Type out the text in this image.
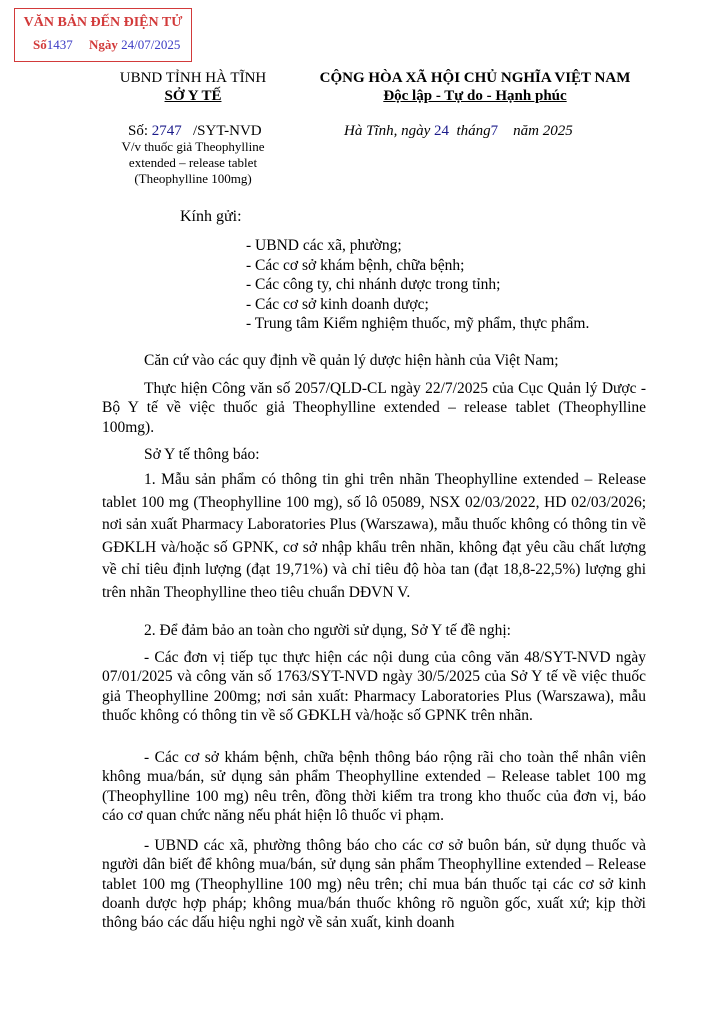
VĂN BẢN ĐẾN ĐIỆN TỬ
Số1437 Ngày 24/07/2025
UBND TỈNH HÀ TĨNH
SỞ Y TẾ
Số: 2747 /SYT-NVD
V/v thuốc giả Theophylline
extended – release tablet
(Theophylline 100mg)
CỘNG HÒA XÃ HỘI CHỦ NGHĨA VIỆT NAM
Độc lập - Tự do - Hạnh phúc
Hà Tĩnh, ngày 24 tháng7 năm 2025
Kính gửi:
- UBND các xã, phường;
- Các cơ sở khám bệnh, chữa bệnh;
- Các công ty, chi nhánh dược trong tỉnh;
- Các cơ sở kinh doanh dược;
- Trung tâm Kiểm nghiệm thuốc, mỹ phẩm, thực phẩm.

Căn cứ vào các quy định về quản lý dược hiện hành của Việt Nam;

Thực hiện Công văn số 2057/QLD-CL ngày 22/7/2025 của Cục Quản lý Dược - Bộ Y tế về việc thuốc giả Theophylline extended – release tablet (Theophylline 100mg).

Sở Y tế thông báo:

1. Mẫu sản phẩm có thông tin ghi trên nhãn Theophylline extended – Release tablet 100 mg (Theophylline 100 mg), số lô 05089, NSX 02/03/2022, HD 02/03/2026; nơi sản xuất Pharmacy Laboratories Plus (Warszawa), mẫu thuốc không có thông tin về GĐKLH và/hoặc số GPNK, cơ sở nhập khẩu trên nhãn, không đạt yêu cầu chất lượng về chỉ tiêu định lượng (đạt 19,71%) và chỉ tiêu độ hòa tan (đạt 18,8-22,5%) lượng ghi trên nhãn Theophylline theo tiêu chuẩn DĐVN V.

2. Để đảm bảo an toàn cho người sử dụng, Sở Y tế đề nghị:

- Các đơn vị tiếp tục thực hiện các nội dung của công văn 48/SYT-NVD ngày 07/01/2025 và công văn số 1763/SYT-NVD ngày 30/5/2025 của Sở Y tế về việc thuốc giả Theophylline 200mg; nơi sản xuất: Pharmacy Laboratories Plus (Warszawa), mẫu thuốc không có thông tin về số GĐKLH và/hoặc số GPNK trên nhãn.

- Các cơ sở khám bệnh, chữa bệnh thông báo rộng rãi cho toàn thể nhân viên không mua/bán, sử dụng sản phẩm Theophylline extended – Release tablet 100 mg (Theophylline 100 mg) nêu trên, đồng thời kiểm tra trong kho thuốc của đơn vị, báo cáo cơ quan chức năng nếu phát hiện lô thuốc vi phạm.

- UBND các xã, phường thông báo cho các cơ sở buôn bán, sử dụng thuốc và người dân biết để không mua/bán, sử dụng sản phẩm Theophylline extended – Release tablet 100 mg (Theophylline 100 mg) nêu trên; chỉ mua bán thuốc tại các cơ sở kinh doanh dược hợp pháp; không mua/bán thuốc không rõ nguồn gốc, xuất xứ; kịp thời thông báo các dấu hiệu nghi ngờ về sản xuất, kinh doanh
